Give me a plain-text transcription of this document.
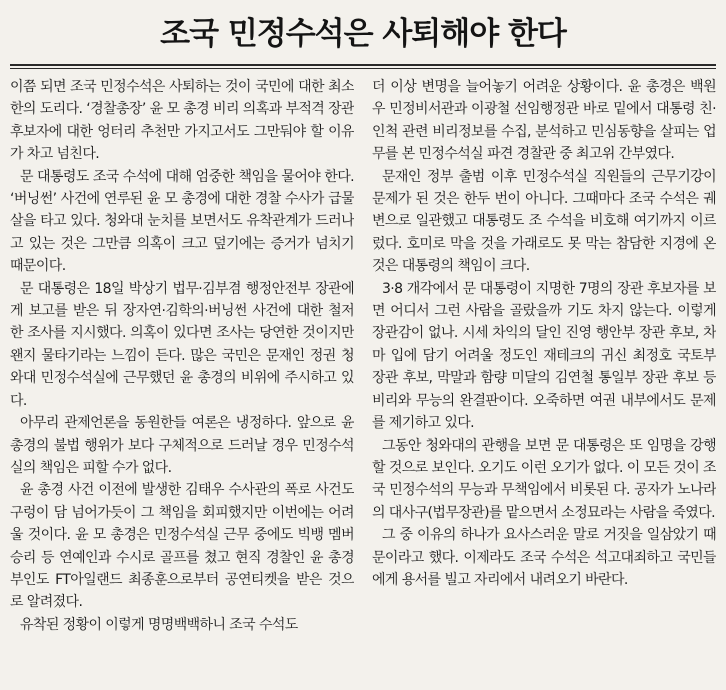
조국 민정수석은 사퇴해야 한다

이쯤 되면 조국 민정수석은 사퇴하는 것이 국민에 대한 최소한의 도리다. ‘경찰총장’ 윤 모 총경 비리 의혹과 부적격 장관 후보자에 대한 엉터리 추천만 가지고서도 그만둬야 할 이유가 차고 넘친다.

문 대통령도 조국 수석에 대해 엄중한 책임을 물어야 한다. ‘버닝썬’ 사건에 연루된 윤 모 총경에 대한 경찰 수사가 급물살을 타고 있다. 청와대 눈치를 보면서도 유착관계가 드러나고 있는 것은 그만큼 의혹이 크고 덮기에는 증거가 넘치기 때문이다.

문 대통령은 18일 박상기 법무·김부겸 행정안전부 장관에게 보고를 받은 뒤 장자연·김학의·버닝썬 사건에 대한 철저한 조사를 지시했다. 의혹이 있다면 조사는 당연한 것이지만 왠지 물타기라는 느낌이 든다. 많은 국민은 문재인 정권 청와대 민정수석실에 근무했던 윤 총경의 비위에 주시하고 있다.

아무리 관제언론을 동원한들 여론은 냉정하다. 앞으로 윤 총경의 불법 행위가 보다 구체적으로 드러날 경우 민정수석실의 책임은 피할 수가 없다.

윤 총경 사건 이전에 발생한 김태우 수사관의 폭로 사건도 구렁이 담 넘어가듯이 그 책임을 회피했지만 이번에는 어려울 것이다. 윤 모 총경은 민정수석실 근무 중에도 빅뱅 멤버 승리 등 연예인과 수시로 골프를 쳤고 현직 경찰인 윤 총경 부인도 FT아일랜드 최종훈으로부터 공연티켓을 받은 것으로 알려졌다.

유착된 정황이 이렇게 명명백백하니 조국 수석도

더 이상 변명을 늘어놓기 어려운 상황이다. 윤 총경은 백원우 민정비서관과 이광철 선임행정관 바로 밑에서 대통령 친·인척 관련 비리정보를 수집, 분석하고 민심동향을 살피는 업무를 본 민정수석실 파견 경찰관 중 최고위 간부였다.

문재인 정부 출범 이후 민정수석실 직원들의 근무기강이 문제가 된 것은 한두 번이 아니다. 그때마다 조국 수석은 궤변으로 일관했고 대통령도 조 수석을 비호해 여기까지 이르렀다. 호미로 막을 것을 가래로도 못 막는 참담한 지경에 온 것은 대통령의 책임이 크다.

3·8 개각에서 문 대통령이 지명한 7명의 장관 후보자를 보면 어디서 그런 사람을 골랐을까 기도 차지 않는다. 이렇게 장관감이 없나. 시세 차익의 달인 진영 행안부 장관 후보, 차마 입에 담기 어려울 정도인 재테크의 귀신 최정호 국토부 장관 후보, 막말과 함량 미달의 김연철 통일부 장관 후보 등 비리와 무능의 완결판이다. 오죽하면 여권 내부에서도 문제를 제기하고 있다.

그동안 청와대의 관행을 보면 문 대통령은 또 임명을 강행할 것으로 보인다. 오기도 이런 오기가 없다. 이 모든 것이 조국 민정수석의 무능과 무책임에서 비롯된 다. 공자가 노나라의 대사구(법무장관)를 맡으면서 소정묘라는 사람을 죽였다.

그 중 이유의 하나가 요사스러운 말로 거짓을 일삼았기 때문이라고 했다. 이제라도 조국 수석은 석고대죄하고 국민들에게 용서를 빌고 자리에서 내려오기 바란다.
